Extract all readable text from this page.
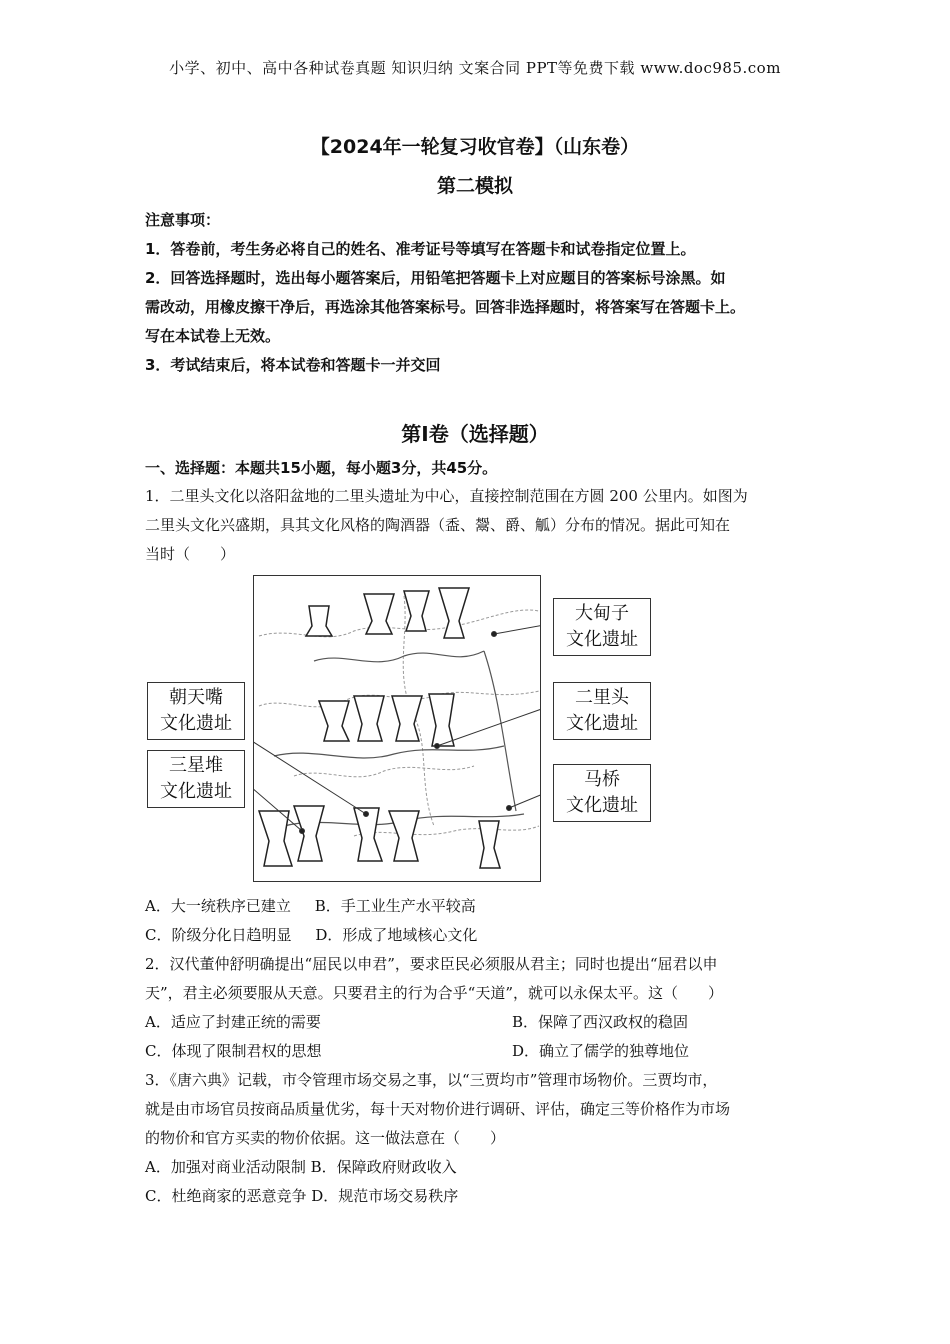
小学、初中、高中各种试卷真题 知识归纳 文案合同 PPT等免费下载 www.doc985.com
【2024年一轮复习收官卷】（山东卷）
第二模拟

注意事项：

1．答卷前，考生务必将自己的姓名、准考证号等填写在答题卡和试卷指定位置上。

2．回答选择题时，选出每小题答案后，用铅笔把答题卡上对应题目的答案标号涂黑。如

需改动，用橡皮擦干净后，再选涂其他答案标号。回答非选择题时，将答案写在答题卡上。

写在本试卷上无效。

3．考试结束后，将本试卷和答题卡一并交回

第Ⅰ卷（选择题）
一、选择题：本题共15小题，每小题3分，共45分。

1．二里头文化以洛阳盆地的二里头遗址为中心，直接控制范围在方圆 200 公里内。如图为

二里头文化兴盛期，具其文化风格的陶酒器（盉、鬶、爵、觚）分布的情况。据此可知在

当时（　　）

大甸子
文化遗址
二里头
文化遗址
马桥
文化遗址
朝天嘴
文化遗址
三星堆
文化遗址
A．大一统秩序已建立 B．手工业生产水平较高
C．阶级分化日趋明显 D．形成了地域核心文化

2．汉代董仲舒明确提出“屈民以申君”，要求臣民必须服从君主；同时也提出“屈君以申

天”，君主必须要服从天意。只要君主的行为合乎“天道”，就可以永保太平。这（　　）

A．适应了封建正统的需要	B．保障了西汉政权的稳固
C．体现了限制君权的思想	D．确立了儒学的独尊地位

3．《唐六典》记载，市令管理市场交易之事，以“三贾均市”管理市场物价。三贾均市，

就是由市场官员按商品质量优劣，每十天对物价进行调研、评估，确定三等价格作为市场

的物价和官方买卖的物价依据。这一做法意在（　　）

A．加强对商业活动限制 B．保障政府财政收入
C．杜绝商家的恶意竞争 D．规范市场交易秩序
